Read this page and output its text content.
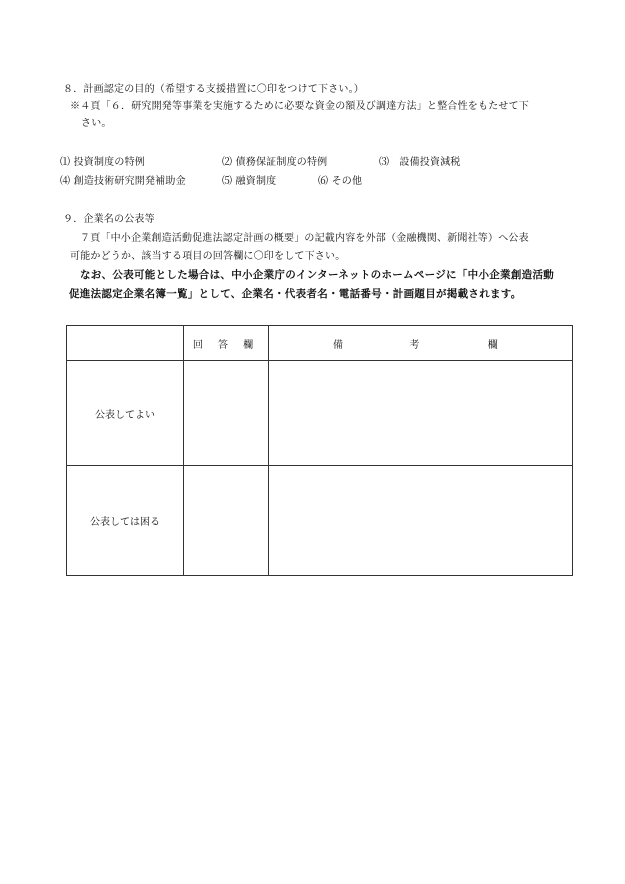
８．計画認定の目的（希望する支援措置に〇印をつけて下さい。）
※４頁「６．研究開発等事業を実施するために必要な資金の額及び調達方法」と整合性をもたせて下
さい。
⑴ 投資制度の特例	⑵ 債務保証制度の特例	⑶　設備投資減税
⑷ 創造技術研究開発補助金	⑸ 融資制度	⑹ その他
９．企業名の公表等
７頁「中小企業創造活動促進法認定計画の概要」の記載内容を外部（金融機関、新聞社等）へ公表
可能かどうか、該当する項目の回答欄に〇印をして下さい。
なお、公表可能とした場合は、中小企業庁のインターネットのホームページに「中小企業創造活動
促進法認定企業名簿一覧」として、企業名・代表者名・電話番号・計画題目が掲載されます。
	回 答 欄	備 考 欄
公表してよい		
公表しては困る		
